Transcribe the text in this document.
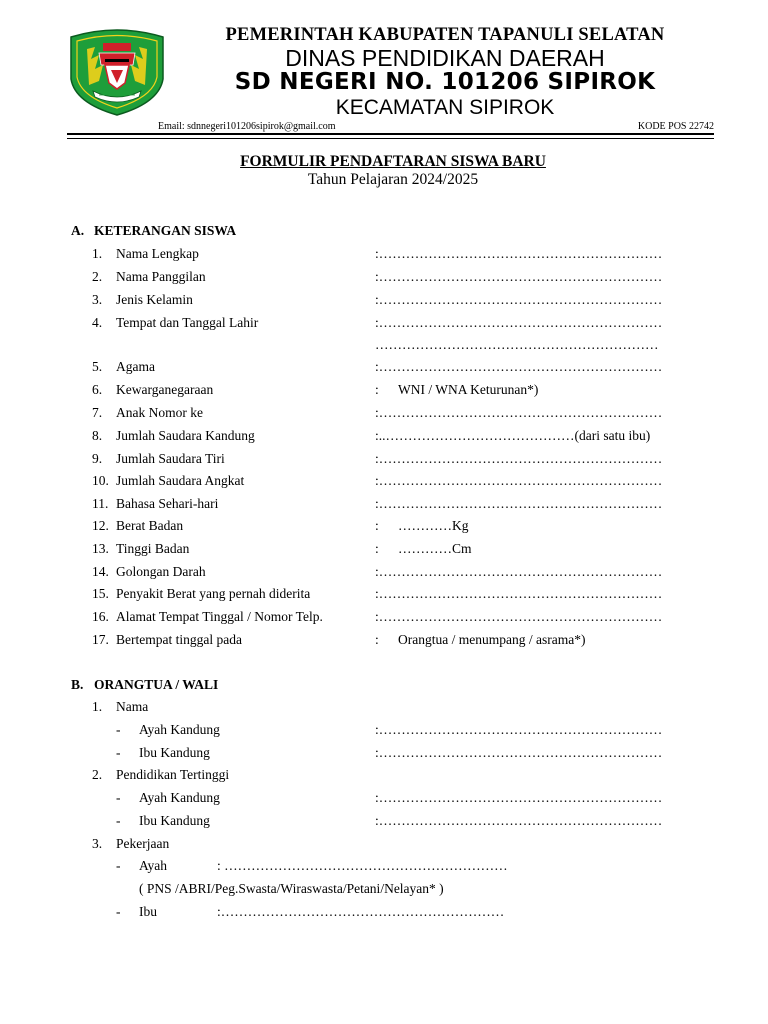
PEMERINTAH KABUPATEN TAPANULI SELATAN
DINAS PENDIDIKAN DAERAH
SD NEGERI NO. 101206 SIPIROK
KECAMATAN SIPIROK
Email: sdnnegeri101206sipirok@gmail.com	KODE POS 22742
FORMULIR PENDAFTARAN SISWA BARU
Tahun Pelajaran 2024/2025
A. KETERANGAN SISWA
1. Nama Lengkap	:………………………………………………………
2. Nama Panggilan	:………………………………………………………
3. Jenis Kelamin	:………………………………………………………
4. Tempat dan Tanggal Lahir	:………………………………………………………
………………………………………………………
5. Agama	:………………………………………………………
6. Kewarganegaraan	: WNI / WNA Keturunan*)
7. Anak Nomor ke	:………………………………………………………
8. Jumlah Saudara Kandung	:..……………………………………(dari satu ibu)
9. Jumlah Saudara Tiri	:………………………………………………………
10. Jumlah Saudara Angkat	:………………………………………………………
11. Bahasa Sehari-hari	:………………………………………………………
12. Berat Badan	: …………Kg
13. Tinggi Badan	: …………Cm
14. Golongan Darah	:………………………………………………………
15. Penyakit Berat yang pernah diderita	:………………………………………………………
16. Alamat Tempat Tinggal / Nomor Telp.	:………………………………………………………
17. Bertempat tinggal pada	: Orangtua / menumpang / asrama*)
B. ORANGTUA / WALI
1. Nama
- Ayah Kandung	:………………………………………………………
- Ibu Kandung	:………………………………………………………
2. Pendidikan Tertinggi
- Ayah Kandung	:………………………………………………………
- Ibu Kandung	:………………………………………………………
3. Pekerjaan
- Ayah	: ………………………………………………………
( PNS /ABRI/Peg.Swasta/Wiraswasta/Petani/Nelayan* )
- Ibu	:………………………………………………………
